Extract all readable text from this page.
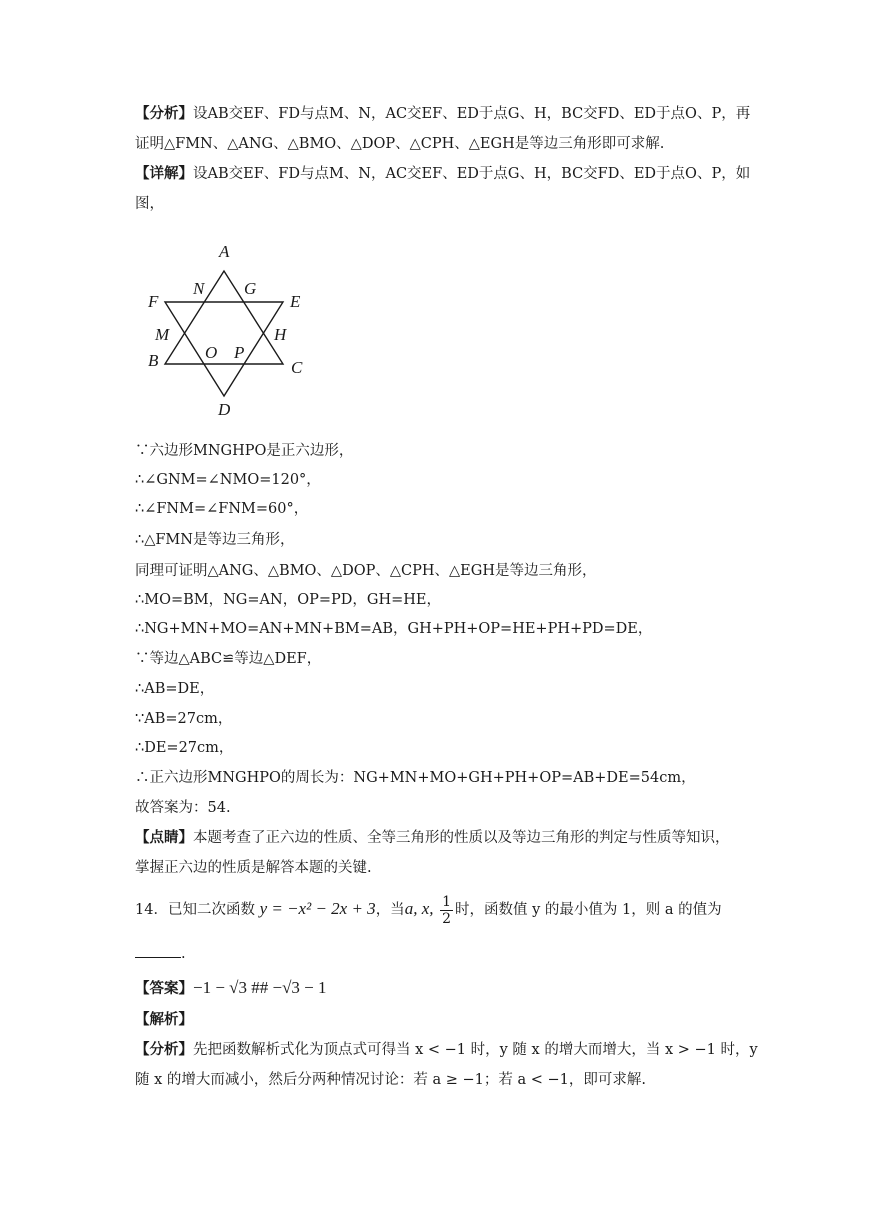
【分析】设AB交EF、FD与点M、N，AC交EF、ED于点G、H，BC交FD、ED于点O、P，再
证明△FMN、△ANG、△BMO、△DOP、△CPH、△EGH是等边三角形即可求解.
【详解】设AB交EF、FD与点M、N，AC交EF、ED于点G、H，BC交FD、ED于点O、P，如
图，
A
N G
F	E
M	H
B	O P
C
D
∵六边形MNGHPO是正六边形，
∴∠GNM=∠NMO=120°，
∴∠FNM=∠FNM=60°，
∴△FMN是等边三角形，
同理可证明△ANG、△BMO、△DOP、△CPH、△EGH是等边三角形，
∴MO=BM，NG=AN，OP=PD，GH=HE，
∴NG+MN+MO=AN+MN+BM=AB，GH+PH+OP=HE+PH+PD=DE，
∵等边△ABC≌等边△DEF，
∴AB=DE，
∵AB=27cm，
∴DE=27cm，
∴正六边形MNGHPO的周长为：NG+MN+MO+GH+PH+OP=AB+DE=54cm，
故答案为：54.
【点睛】本题考查了正六边的性质、全等三角形的性质以及等边三角形的判定与性质等知识，
掌握正六边的性质是解答本题的关键.
14．已知二次函数 y = −x² − 2x + 3，当a, x, $\frac{1}{2}$ 时，函数值 y 的最小值为 1，则 a 的值为
.
【答案】−1 − √3 ## −√3 − 1
【解析】
【分析】先把函数解析式化为顶点式可得当 x < −1 时，y 随 x 的增大而增大，当 x > −1 时，y
随 x 的增大而减小，然后分两种情况讨论：若 a ≥ −1；若 a < −1，即可求解.
